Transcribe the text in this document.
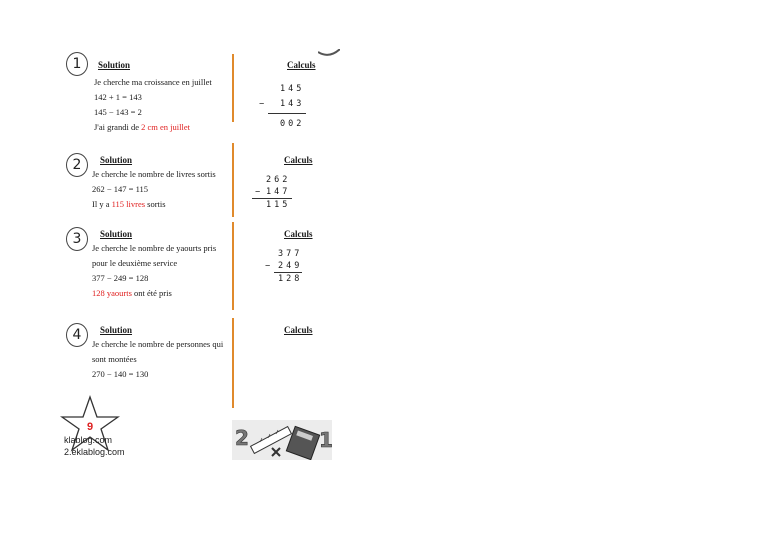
1	Solution
Je cherche ma croissance en juillet
142 + 1 = 143
145 − 143 = 2
J'ai grandi de 2 cm en juillet
Calculs
145
− 143
002
2	Solution
Je cherche le nombre de livres sortis
262 − 147 = 115
Il y a 115 livres sortis
Calculs
262
− 147
115
3	Solution
Je cherche le nombre de yaourts pris
pour le deuxième service
377 − 249 = 128
128 yaourts ont été pris
Calculs
377
− 249
128
4	Solution
Je cherche le nombre de personnes qui
sont montées
270 − 140 = 130
Calculs
9
klablog.com
2.eklablog.com
2	1
